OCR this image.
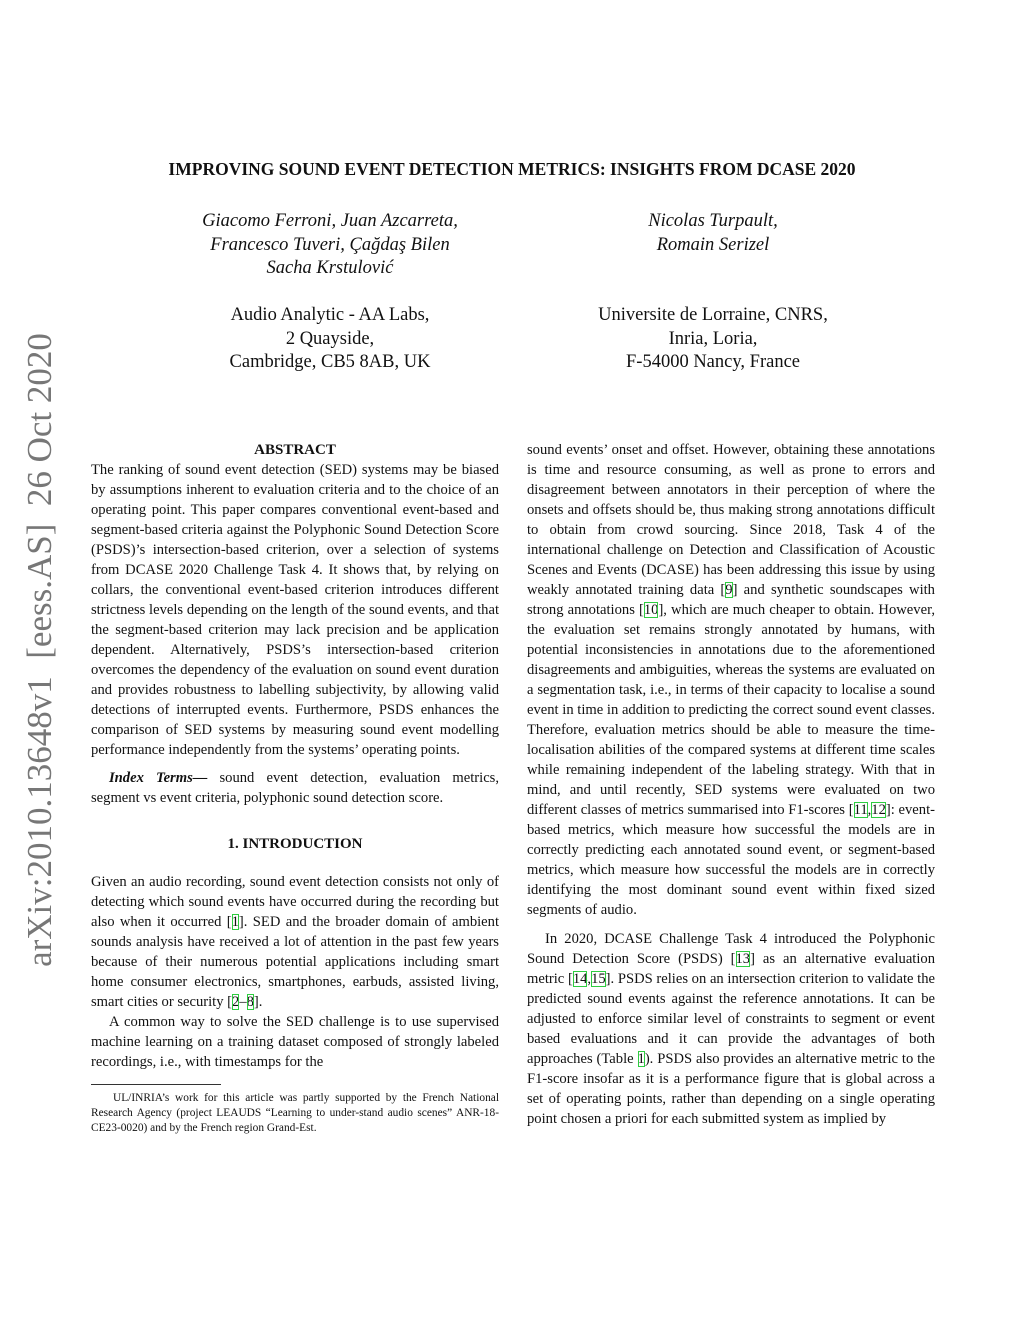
arXiv:2010.13648v1  [eess.AS]  26 Oct 2020
IMPROVING SOUND EVENT DETECTION METRICS: INSIGHTS FROM DCASE 2020
Giacomo Ferroni, Juan Azcarreta,
Francesco Tuveri, Çağdaş Bilen
Sacha Krstulović
Nicolas Turpault,
Romain Serizel
Audio Analytic - AA Labs,
2 Quayside,
Cambridge, CB5 8AB, UK
Universite de Lorraine, CNRS,
Inria, Loria,
F-54000 Nancy, France

ABSTRACT

The ranking of sound event detection (SED) systems may be biased by assumptions inherent to evaluation criteria and to the choice of an operating point. This paper compares conventional event-based and segment-based criteria against the Polyphonic Sound Detection Score (PSDS)’s intersection-based criterion, over a selection of systems from DCASE 2020 Challenge Task 4. It shows that, by relying on collars, the conventional event-based criterion introduces different strictness levels depending on the length of the sound events, and that the segment-based criterion may lack precision and be application dependent. Alternatively, PSDS’s intersection-based criterion overcomes the dependency of the evaluation on sound event duration and provides robustness to labelling subjectivity, by allowing valid detections of interrupted events. Furthermore, PSDS enhances the comparison of SED systems by measuring sound event modelling performance independently from the systems’ operating points.

Index Terms— sound event detection, evaluation metrics, segment vs event criteria, polyphonic sound detection score.

1. INTRODUCTION

Given an audio recording, sound event detection consists not only of detecting which sound events have occurred during the recording but also when it occurred [1]. SED and the broader domain of ambient sounds analysis have received a lot of attention in the past few years because of their numerous potential applications including smart home consumer electronics, smartphones, earbuds, assisted living, smart cities or security [2–8].

A common way to solve the SED challenge is to use supervised machine learning on a training dataset composed of strongly labeled recordings, i.e., with timestamps for the

UL/INRIA’s work for this article was partly supported by the French National Research Agency (project LEAUDS “Learning to under-stand audio scenes” ANR-18-CE23-0020) and by the French region Grand-Est.

sound events’ onset and offset. However, obtaining these annotations is time and resource consuming, as well as prone to errors and disagreement between annotators in their perception of where the onsets and offsets should be, thus making strong annotations difficult to obtain from crowd sourcing. Since 2018, Task 4 of the international challenge on Detection and Classification of Acoustic Scenes and Events (DCASE) has been addressing this issue by using weakly annotated training data [9] and synthetic soundscapes with strong annotations [10], which are much cheaper to obtain. However, the evaluation set remains strongly annotated by humans, with potential inconsistencies in annotations due to the aforementioned disagreements and ambiguities, whereas the systems are evaluated on a segmentation task, i.e., in terms of their capacity to localise a sound event in time in addition to predicting the correct sound event classes. Therefore, evaluation metrics should be able to measure the time-localisation abilities of the compared systems at different time scales while remaining independent of the labeling strategy. With that in mind, and until recently, SED systems were evaluated on two different classes of metrics summarised into F1-scores [11,12]: event-based metrics, which measure how successful the models are in correctly predicting each annotated sound event, or segment-based metrics, which measure how successful the models are in correctly identifying the most dominant sound event within fixed sized segments of audio.

In 2020, DCASE Challenge Task 4 introduced the Polyphonic Sound Detection Score (PSDS) [13] as an alternative evaluation metric [14,15]. PSDS relies on an intersection criterion to validate the predicted sound events against the reference annotations. It can be adjusted to enforce similar level of constraints to segment or event based evaluations and it can provide the advantages of both approaches (Table 1). PSDS also provides an alternative metric to the F1-score insofar as it is a performance figure that is global across a set of operating points, rather than depending on a single operating point chosen a priori for each submitted system as implied by
